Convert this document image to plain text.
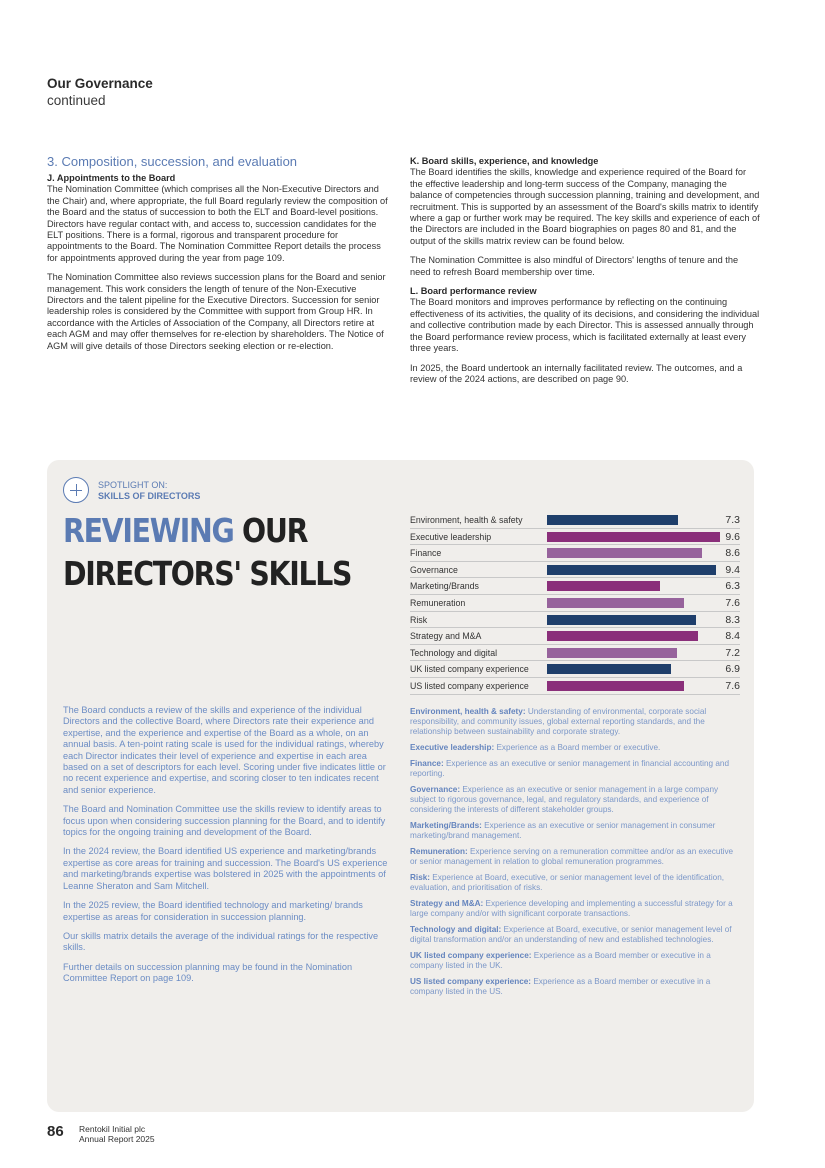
Our Governance
continued
3. Composition, succession, and evaluation
J. Appointments to the Board

The Nomination Committee (which comprises all the Non-Executive Directors and the Chair) and, where appropriate, the full Board regularly review the composition of the Board and the status of succession to both the ELT and Board-level positions. Directors have regular contact with, and access to, succession candidates for the ELT positions. There is a formal, rigorous and transparent procedure for appointments to the Board. The Nomination Committee Report details the process for appointments approved during the year from page 109.

The Nomination Committee also reviews succession plans for the Board and senior management. This work considers the length of tenure of the Non-Executive Directors and the talent pipeline for the Executive Directors. Succession for senior leadership roles is considered by the Committee with support from Group HR. In accordance with the Articles of Association of the Company, all Directors retire at each AGM and may offer themselves for re-election by shareholders. The Notice of AGM will give details of those Directors seeking election or re-election.

K. Board skills, experience, and knowledge

The Board identifies the skills, knowledge and experience required of the Board for the effective leadership and long-term success of the Company, managing the balance of competencies through succession planning, training and development, and recruitment. This is supported by an assessment of the Board's skills matrix to identify where a gap or further work may be required. The key skills and experience of each of the Directors are included in the Board biographies on pages 80 and 81, and the output of the skills matrix review can be found below.

The Nomination Committee is also mindful of Directors' lengths of tenure and the need to refresh Board membership over time.

L. Board performance review

The Board monitors and improves performance by reflecting on the continuing effectiveness of its activities, the quality of its decisions, and considering the individual and collective contribution made by each Director. This is assessed annually through the Board performance review process, which is facilitated externally at least every three years.

In 2025, the Board undertook an internally facilitated review. The outcomes, and a review of the 2024 actions, are described on page 90.

SPOTLIGHT ON:
SKILLS OF DIRECTORS
REVIEWING OUR
DIRECTORS' SKILLS

The Board conducts a review of the skills and experience of the individual Directors and the collective Board, where Directors rate their experience and expertise, and the experience and expertise of the Board as a whole, on an annual basis. A ten-point rating scale is used for the individual ratings, whereby each Director indicates their level of experience and expertise in each area based on a set of descriptors for each level. Scoring under five indicates little or no recent experience and expertise, and scoring closer to ten indicates recent and senior experience.

The Board and Nomination Committee use the skills review to identify areas to focus upon when considering succession planning for the Board, and to identify topics for the ongoing training and development of the Board.

In the 2024 review, the Board identified US experience and marketing/brands expertise as core areas for training and succession. The Board's US experience and marketing/brands expertise was bolstered in 2025 with the appointments of Leanne Sheraton and Sam Mitchell.

In the 2025 review, the Board identified technology and marketing/ brands expertise as areas for consideration in succession planning.

Our skills matrix details the average of the individual ratings for the respective skills.

Further details on succession planning may be found in the Nomination Committee Report on page 109.

Environment, health & safety	7.3
Executive leadership	9.6
Finance	8.6
Governance	9.4
Marketing/Brands	6.3
Remuneration	7.6
Risk	8.3
Strategy and M&A	8.4
Technology and digital	7.2
UK listed company experience	6.9
US listed company experience	7.6

Environment, health & safety: Understanding of environmental, corporate social responsibility, and community issues, global external reporting standards, and the relationship between sustainability and corporate strategy.

Executive leadership: Experience as a Board member or executive.

Finance: Experience as an executive or senior management in financial accounting and reporting.

Governance: Experience as an executive or senior management in a large company subject to rigorous governance, legal, and regulatory standards, and experience of considering the interests of different stakeholder groups.

Marketing/Brands: Experience as an executive or senior management in consumer marketing/brand management.

Remuneration: Experience serving on a remuneration committee and/or as an executive or senior management in relation to global remuneration programmes.

Risk: Experience at Board, executive, or senior management level of the identification, evaluation, and prioritisation of risks.

Strategy and M&A: Experience developing and implementing a successful strategy for a large company and/or with significant corporate transactions.

Technology and digital: Experience at Board, executive, or senior management level of digital transformation and/or an understanding of new and established technologies.

UK listed company experience: Experience as a Board member or executive in a company listed in the UK.

US listed company experience: Experience as a Board member or executive in a company listed in the US.

86 Rentokil Initial plc
Annual Report 2025
